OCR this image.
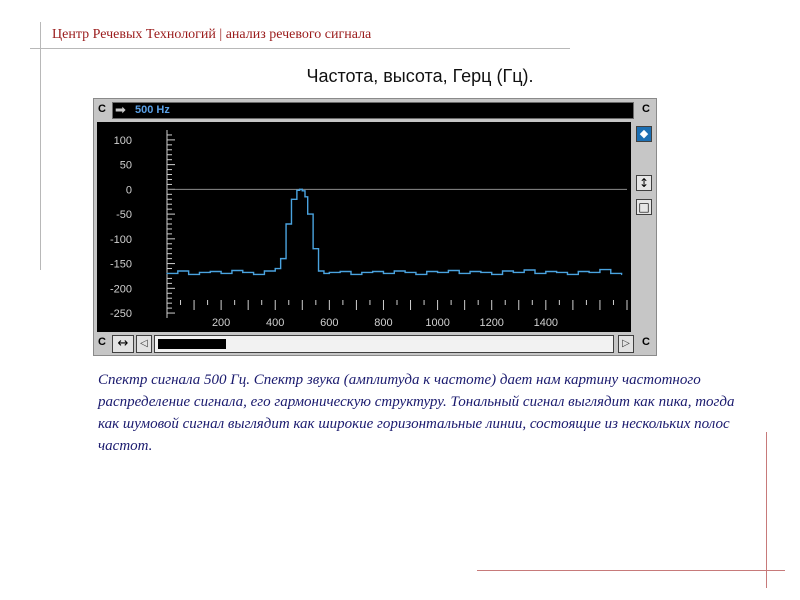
Центр Речевых Технологий | анализ речевого сигнала
Частота, высота, Герц (Гц).
C	C
C	C
➡ 500 Hz
100
50
0
-50
-100
-150
-200
-250
200	400	600	800	1000	1200	1400
◆
↕
□
↔	◁	▷
Спектр сигнала 500 Гц. Спектр звука (амплитуда к частоте) дает нам картину частотного распределение сигнала, его гармоническую структуру. Тональный сигнал выглядит как пика, тогда как шумовой сигнал выглядит как широкие горизонтальные линии, состоящие из нескольких полос частот.
